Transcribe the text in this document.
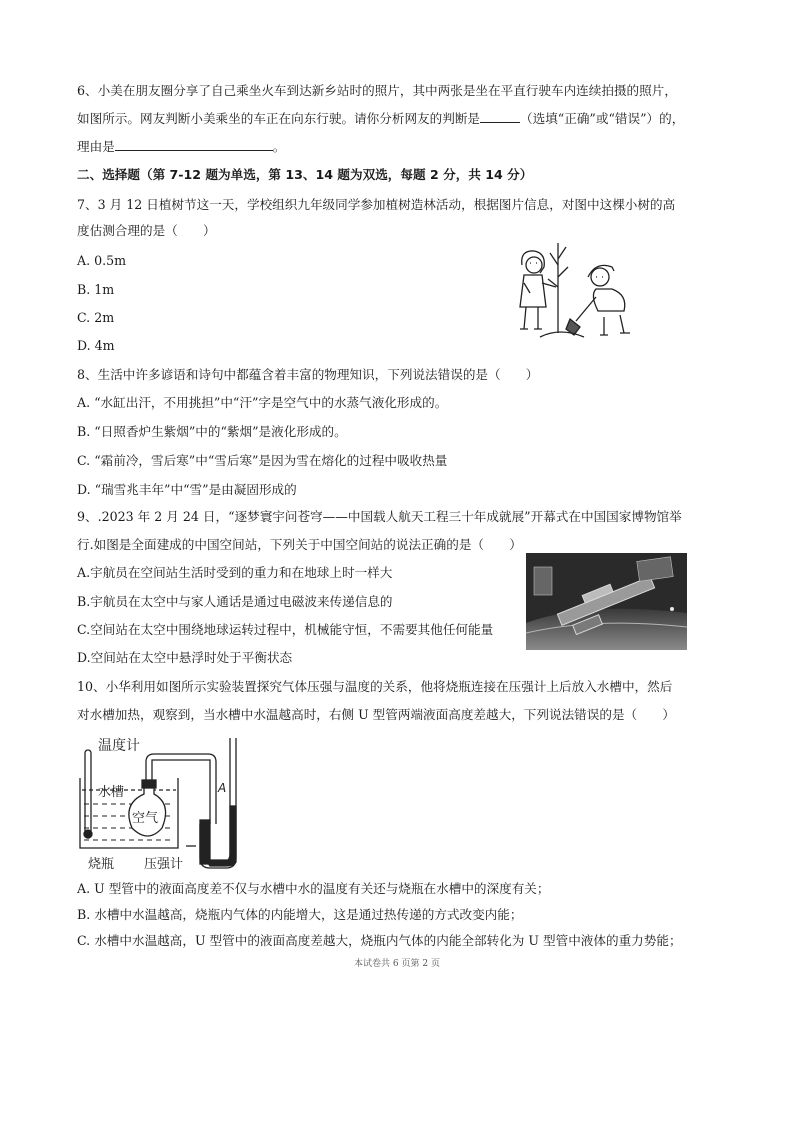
6、小美在朋友圈分享了自己乘坐火车到达新乡站时的照片，其中两张是坐在平直行驶车内连续拍摄的照片，
如图所示。网友判断小美乘坐的车正在向东行驶。请你分析网友的判断是	（选填“正确”或“错误”）的，
理由是	。
二、选择题（第 7-12 题为单选，第 13、14 题为双选，每题 2 分，共 14 分）
7、3 月 12 日植树节这一天，学校组织九年级同学参加植树造林活动，根据图片信息，对图中这棵小树的高
度估测合理的是（　　）
A. 0.5m
B. 1m
C. 2m
D. 4m
8、生活中许多谚语和诗句中都蕴含着丰富的物理知识，下列说法错误的是（　　）
A. “水缸出汗，不用挑担”中“汗”字是空气中的水蒸气液化形成的。
B. “日照香炉生紫烟”中的“紫烟”是液化形成的。
C. “霜前冷，雪后寒”中“雪后寒”是因为雪在熔化的过程中吸收热量
D. “瑞雪兆丰年”中“雪”是由凝固形成的
9、.2023 年 2 月 24 日，“逐梦寰宇问苍穹——中国载人航天工程三十年成就展”开幕式在中国国家博物馆举
行.如图是全面建成的中国空间站，下列关于中国空间站的说法正确的是（　　）
A.宇航员在空间站生活时受到的重力和在地球上时一样大
B.宇航员在太空中与家人通话是通过电磁波来传递信息的
C.空间站在太空中围绕地球运转过程中，机械能守恒，不需要其他任何能量
D.空间站在太空中悬浮时处于平衡状态
10、小华利用如图所示实验装置探究气体压强与温度的关系，他将烧瓶连接在压强计上后放入水槽中，然后
对水槽加热，观察到，当水槽中水温越高时，右侧 U 型管两端液面高度差越大，下列说法错误的是（　　）
温度计
水槽
空气
烧瓶 压强计
A
A. U 型管中的液面高度差不仅与水槽中水的温度有关还与烧瓶在水槽中的深度有关；
B. 水槽中水温越高，烧瓶内气体的内能增大，这是通过热传递的方式改变内能；
C. 水槽中水温越高，U 型管中的液面高度差越大，烧瓶内气体的内能全部转化为 U 型管中液体的重力势能；
本试卷共 6 页第 2 页
